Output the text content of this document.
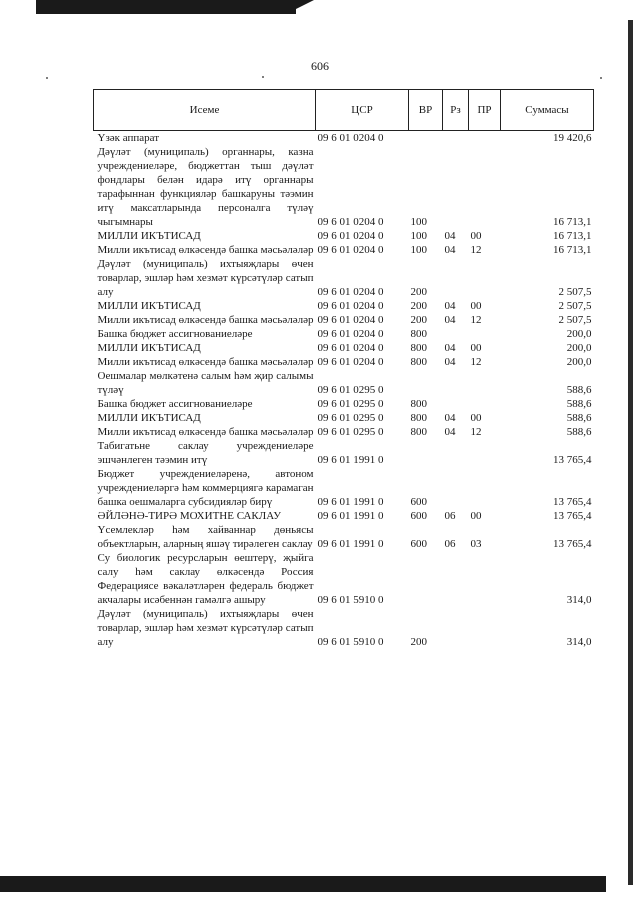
606
Исеме	ЦСР	ВР	Рз	ПР	Суммасы
Үзәк аппарат	09 6 01 0204 0				19 420,6
Дәүләт (муниципаль) органнары, казна учреждениеләре, бюджеттан тыш дәүләт фондлары белән идарә итү органнары тарафыннан функцияләр башкаруны тәэмин итү максатларында персоналга түләү чыгымнары	09 6 01 0204 0	100			16 713,1
МИЛЛИ ИКЪТИСАД	09 6 01 0204 0	100	04	00	16 713,1
Милли икътисад өлкәсендә башка мәсьәләләр	09 6 01 0204 0	100	04	12	16 713,1
Дәүләт (муниципаль) ихтыяҗлары өчен товарлар, эшләр һәм хезмәт күрсәтүләр сатып алу	09 6 01 0204 0	200			2 507,5
МИЛЛИ ИКЪТИСАД	09 6 01 0204 0	200	04	00	2 507,5
Милли икътисад өлкәсендә башка мәсьәләләр	09 6 01 0204 0	200	04	12	2 507,5
Башка бюджет ассигнованиеләре	09 6 01 0204 0	800			200,0
МИЛЛИ ИКЪТИСАД	09 6 01 0204 0	800	04	00	200,0
Милли икътисад өлкәсендә башка мәсьәләләр	09 6 01 0204 0	800	04	12	200,0
Оешмалар мөлкәтенә салым һәм җир салымы түләү	09 6 01 0295 0				588,6
Башка бюджет ассигнованиеләре	09 6 01 0295 0	800			588,6
МИЛЛИ ИКЪТИСАД	09 6 01 0295 0	800	04	00	588,6
Милли икътисад өлкәсендә башка мәсьәләләр	09 6 01 0295 0	800	04	12	588,6
Табигатьне саклау учреждениеләре эшчәнлеген тәэмин итү	09 6 01 1991 0				13 765,4
Бюджет учреждениеләренә, автоном учреждениеләргә һәм коммерциягә карамаган башка оешмаларга субсидияләр бирү	09 6 01 1991 0	600			13 765,4
ӘЙЛӘНӘ-ТИРӘ МОХИТНЕ САКЛАУ	09 6 01 1991 0	600	06	00	13 765,4
Үсемлекләр һәм хайваннар дөньясы объектларын, аларның яшәү тирәлеген саклау	09 6 01 1991 0	600	06	03	13 765,4
Су биологик ресурсларын өештерү, җыйга салу һәм саклау өлкәсендә Россия Федерациясе вәкаләтләрен федераль бюджет акчалары исәбеннән гамәлгә ашыру	09 6 01 5910 0				314,0
Дәүләт (муниципаль) ихтыяҗлары өчен товарлар, эшләр һәм хезмәт күрсәтүләр сатып алу	09 6 01 5910 0	200			314,0
